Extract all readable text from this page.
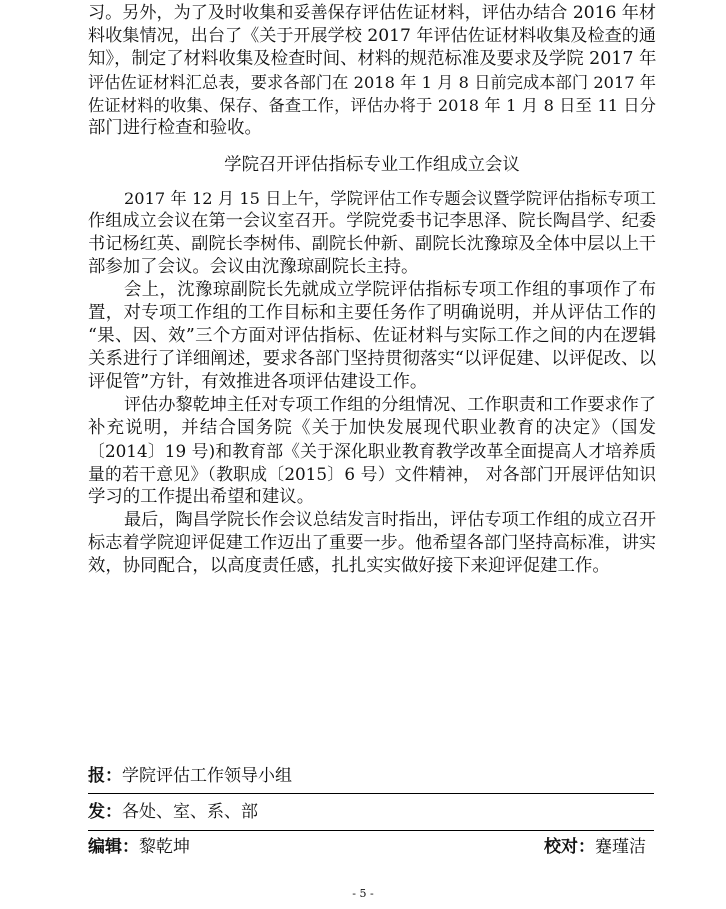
习。另外，为了及时收集和妥善保存评估佐证材料，评估办结合 2016 年材
料收集情况，出台了《关于开展学校 2017 年评估佐证材料收集及检查的通
知》，制定了材料收集及检查时间、材料的规范标准及要求及学院 2017 年
评估佐证材料汇总表，要求各部门在 2018 年 1 月 8 日前完成本部门 2017 年
佐证材料的收集、保存、备查工作，评估办将于 2018 年 1 月 8 日至 11 日分
部门进行检查和验收。
学院召开评估指标专业工作组成立会议
2017 年 12 月 15 日上午，学院评估工作专题会议暨学院评估指标专项工
作组成立会议在第一会议室召开。学院党委书记李思泽、院长陶昌学、纪委
书记杨红英、副院长李树伟、副院长仲新、副院长沈豫琼及全体中层以上干
部参加了会议。会议由沈豫琼副院长主持。
会上，沈豫琼副院长先就成立学院评估指标专项工作组的事项作了布
置，对专项工作组的工作目标和主要任务作了明确说明，并从评估工作的
“果、因、效”三个方面对评估指标、佐证材料与实际工作之间的内在逻辑
关系进行了详细阐述，要求各部门坚持贯彻落实“以评促建、以评促改、以
评促管”方针，有效推进各项评估建设工作。
评估办黎乾坤主任对专项工作组的分组情况、工作职责和工作要求作了
补充说明，并结合国务院《关于加快发展现代职业教育的决定》（国发
〔2014〕19 号)和教育部《关于深化职业教育教学改革全面提高人才培养质
量的若干意见》（教职成〔2015〕6 号）文件精神， 对各部门开展评估知识
学习的工作提出希望和建议。
最后，陶昌学院长作会议总结发言时指出，评估专项工作组的成立召开
标志着学院迎评促建工作迈出了重要一步。他希望各部门坚持高标准，讲实
效，协同配合，以高度责任感，扎扎实实做好接下来迎评促建工作。
报：学院评估工作领导小组
发：各处、室、系、部
编辑：黎乾坤	校对：蹇瑾洁
- 5 -
